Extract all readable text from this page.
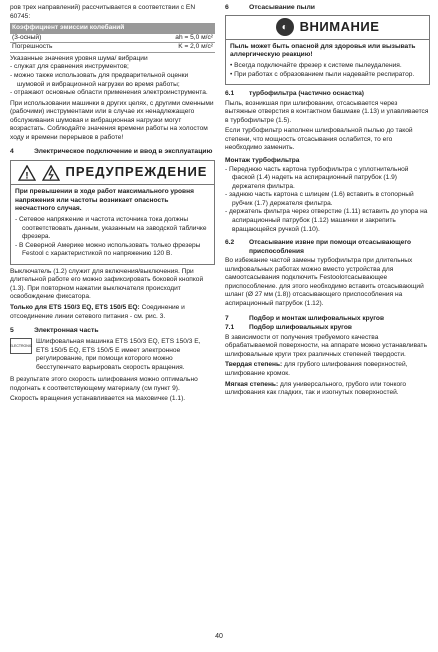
ров трех направлений) рассчитывается в соответствии с EN 60745:

Коэффициент эмиссии колебаний	
(3-осный)	ah = 5,0 м/с²
Погрешность	K = 2,0 м/с²

Указанные значения уровня шума/ вибрации

- служат для сравнения инструментов;
- можно также использовать для предварительной оценки шумовой и вибрационной нагрузки во время работы;
- отражают основные области применения электроинструмента.

При использовании машинки в других целях, с другими сменными (рабочими) инструментами или в случае их ненадлежащего обслуживания шумовая и вибрационная нагрузки могут возрастать. Соблюдайте значения времени работы на холостом ходу и времени перерывов в работе!

4	Электрическое подключение и ввод в эксплуатацию
!	ПРЕДУПРЕЖДЕНИЕ

При превышении в ходе работ максимального уровня напряжения или частоты возникает опасность несчастного случая.

- Сетевое напряжение и частота источника тока должны соответствовать данным, указанным на заводской табличке фрезера.
- В Северной Америке можно использовать только фрезеры Festool с характеристикой по напряжению 120 В.

Выключатель (1.2) служит для включения/выключения. При длительной работе его можно зафиксировать боковой кнопкой (1.3). При повторном нажатии выключателя происходит освобождение фиксатора.

Только для ETS 150/3 EQ, ETS 150/5 EQ: Соединение и отсоединение линии сетевого питания - см. рис. 3.

5	Электронная часть
ELECTRONIC

Шлифовальная машинка ETS 150/3 EQ, ETS 150/3 E, ETS 150/5 EQ, ETS 150/5 E имеет электронное регулирование, при помощи которого можно бесступенчато варьировать скорость вращения.

В результате этого скорость шлифования можно оптимально подогнать к соответствующему материалу (см пункт 9).

Скорость вращения устанавливается на маховичке (1.1).

6	Отсасывание пыли
◐ ВНИМАНИЕ

Пыль может быть опасной для здоровья или вызывать аллергическую реакцию!

• Всегда подключайте фрезер к системе пылеудаления.
• При работах с образованием пыли надевайте респиратор.
6.1	турбофильтра (частично оснастка)

Пыль, возникшая при шлифовании, отсасывается через вытяжные отверстия в контактном башмаке (1.13) и улавливается в турбофильтре (1.5).

Если турбофильтр наполнен шлифовальной пылью до такой степени, что мощность отсасывания ослабится, то его необходимо заменить.

Монтаж турбофильтра

- Переднюю часть картона турбофильтра с уплотнительной фаской (1.4) надеть на аспирационный патрубок (1.9) держателя фильтра.
- заднюю часть картона с шлицем (1.6) вставить в стопорный рубчик (1.7) держателя фильтра.
- держатель фильтра через отверстие (1.11) вставить до упора на аспирационный патрубок (1.12) машинки и закрепить вращающейся ручкой (1.10).
6.2	Отсасывание извне при помощи отсасывающего приспособления

Во избежание частой замены турбофильтра при длительных шлифовальных работах можно вместо устройства для самоотсасывания подключить Festoolотсасывающее приспособление. для этого необходимо вставить отсасывающий шланг (Ø 27 мм (1.8)) отсасывающего приспособления на аспирационный патрубок (1.12).

7	Подбор и монтаж шлифовальных кругов
7.1	Подбор шлифовальных кругов

В зависимости от получения требуемого качества обрабатываемой поверхности, на аппарате можно устанавливать шлифовальные круги трех различных степеней твердости.

Твердая степень: для грубого шлифования поверхностей, шлифование кромок.

Мягкая степень: для универсального, грубого или тонкого шлифования как гладких, так и изогнутых поверхностей.

40
